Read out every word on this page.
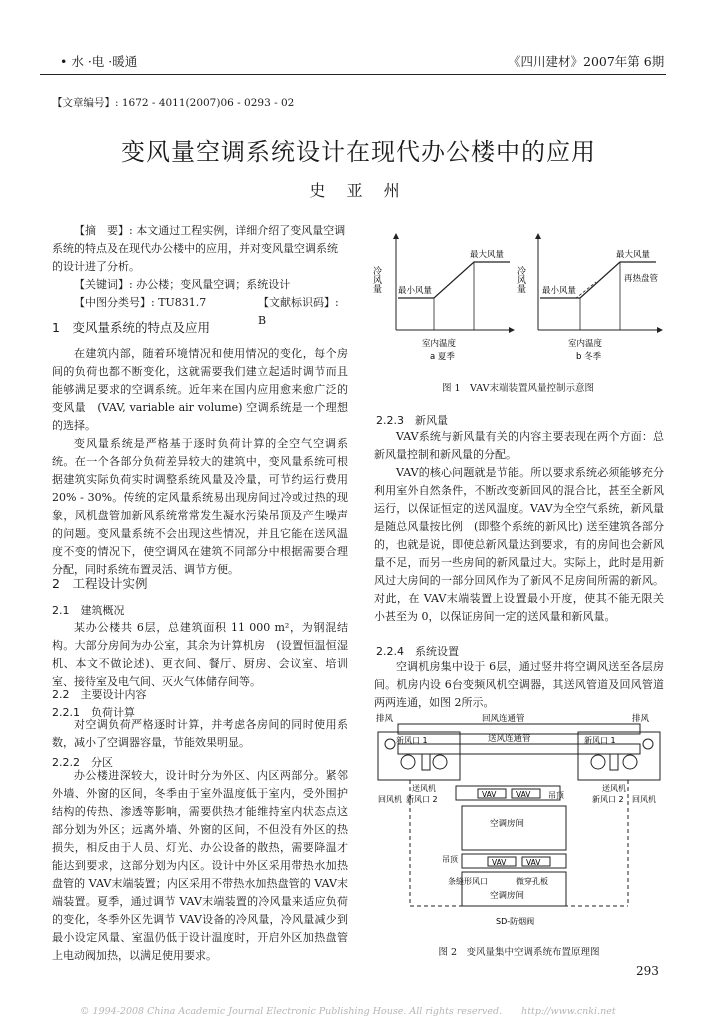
• 水 ·电 ·暖通	《四川建材》2007年第 6期
【文章编号】: 1672 - 4011(2007)06 - 0293 - 02
变风量空调系统设计在现代办公楼中的应用
史 亚 州

【摘　要】: 本文通过工程实例，详细介绍了变风量空调系统的特点及在现代办公楼中的应用，并对变风量空调系统的设计进了分析。

【关键词】: 办公楼；变风量空调；系统设计

【中图分类号】: TU831.7	【文献标识码】: B

1　变风量系统的特点及应用

在建筑内部，随着环境情况和使用情况的变化，每个房间的负荷也都不断变化，这就需要我们建立起适时调节而且能够满足要求的空调系统。近年来在国内应用愈来愈广泛的变风量　(VAV, variable air volume) 空调系统是一个理想的选择。

变风量系统是严格基于逐时负荷计算的全空气空调系统。在一个各部分负荷差异较大的建筑中，变风量系统可根据建筑实际负荷实时调整系统风量及冷量，可节约运行费用 20% - 30%。传统的定风量系统易出现房间过冷或过热的现象，风机盘管加新风系统常常发生凝水污染吊顶及产生噪声的问题。变风量系统不会出现这些情况，并且它能在送风温度不变的情况下，使空调风在建筑不同部分中根据需要合理分配，同时系统布置灵活、调节方便。

2　工程设计实例
2.1　建筑概况

某办公楼共 6层，总建筑面积 11 000 m²，为钢混结构。大部分房间为办公室，其余为计算机房　(设置恒温恒湿机、本文不做论述)、更衣间、餐厅、厨房、会议室、培训室、接待室及电气间、灭火气体储存间等。

2.2　主要设计内容
2.2.1　负荷计算

对空调负荷严格逐时计算，并考虑各房间的同时使用系数，减小了空调器容量，节能效果明显。

2.2.2　分区

办公楼进深较大，设计时分为外区、内区两部分。紧邻外墙、外窗的区间，冬季由于室外温度低于室内，受外围护结构的传热、渗透等影响，需要供热才能维持室内状态点这部分划为外区；远离外墙、外窗的区间，不但没有外区的热损失，相反由于人员、灯光、办公设备的散热，需要降温才能达到要求，这部分划为内区。设计中外区采用带热水加热盘管的 VAV末端装置；内区采用不带热水加热盘管的 VAV末端装置。夏季，通过调节 VAV末端装置的冷风量来适应负荷的变化，冬季外区先调节 VAV设备的冷风量，冷风量减少到最小设定风量、室温仍低于设计温度时，开启外区加热盘管上电动阀加热，以满足使用要求。

冷风量
最大风量
最小风量
室内温度
a 夏季
冷风量
最大风量
最小风量
再热盘管
室内温度
b 冬季
图 1　VAV末端装置风量控制示意图
2.2.3　新风量

VAV系统与新风量有关的内容主要表现在两个方面：总新风量控制和新风量的分配。

VAV的核心问题就是节能。所以要求系统必须能够充分利用室外自然条件，不断改变新回风的混合比，甚至全新风运行，以保证恒定的送风温度。VAV为全空气系统，新风量是随总风量按比例　(即整个系统的新风比) 送至建筑各部分的，也就是说，即使总新风量达到要求，有的房间也会新风量不足，而另一些房间的新风量过大。实际上，此时是用新风过大房间的一部分回风作为了新风不足房间所需的新风。对此，在 VAV末端装置上设置最小开度，使其不能无限关小甚至为 0，以保证房间一定的送风量和新风量。

2.2.4　系统设置

空调机房集中设于 6层，通过竖井将空调风送至各层房间。机房内设 6台变频风机空调器，其送风管道及回风管道两两连通，如图 2所示。

回风连通管
送风连通管
排风	排风
新风口 1
送风机
回风机 新风口 2
新风口 1
送风机
新风口 2 回风机
VAV	VAV 吊顶
空调房间
VAV	VAV
吊顶
条缝形风口	微穿孔板
空调房间
SD-防烟阀
图 2　变风量集中空调系统布置原理图
293
© 1994-2008 China Academic Journal Electronic Publishing House. All rights reserved.　　http://www.cnki.net
